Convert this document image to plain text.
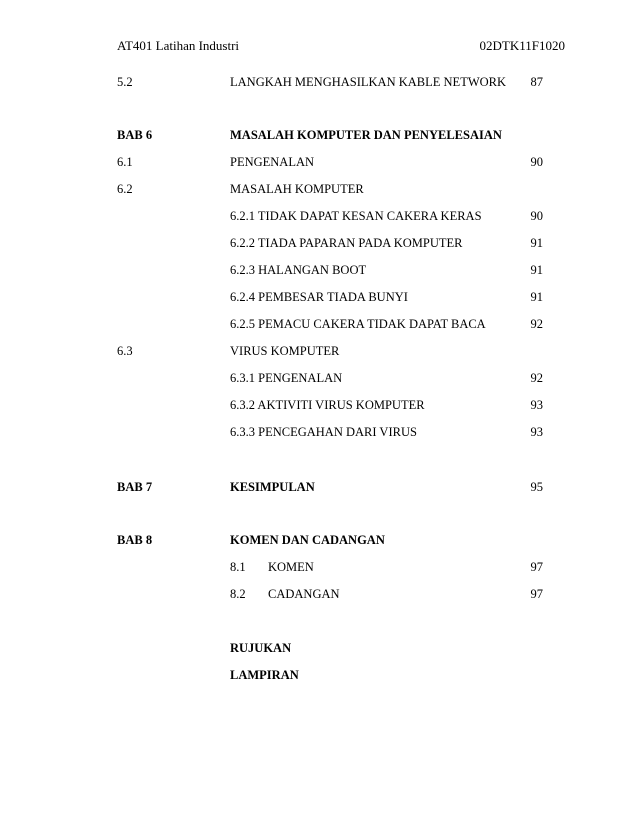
AT401 Latihan Industri	02DTK11F1020
5.2	LANGKAH MENGHASILKAN KABLE NETWORK	87
BAB 6	MASALAH KOMPUTER DAN PENYELESAIAN
6.1	PENGENALAN	90
6.2	MASALAH KOMPUTER
6.2.1 TIDAK DAPAT KESAN CAKERA KERAS	90
6.2.2 TIADA PAPARAN PADA KOMPUTER	91
6.2.3 HALANGAN BOOT	91
6.2.4 PEMBESAR TIADA BUNYI	91
6.2.5 PEMACU CAKERA TIDAK DAPAT BACA	92
6.3	VIRUS KOMPUTER
6.3.1 PENGENALAN	92
6.3.2 AKTIVITI VIRUS KOMPUTER	93
6.3.3 PENCEGAHAN DARI VIRUS	93
BAB 7	KESIMPULAN	95
BAB 8	KOMEN DAN CADANGAN
8.1 KOMEN	97
8.2 CADANGAN	97
RUJUKAN
LAMPIRAN
